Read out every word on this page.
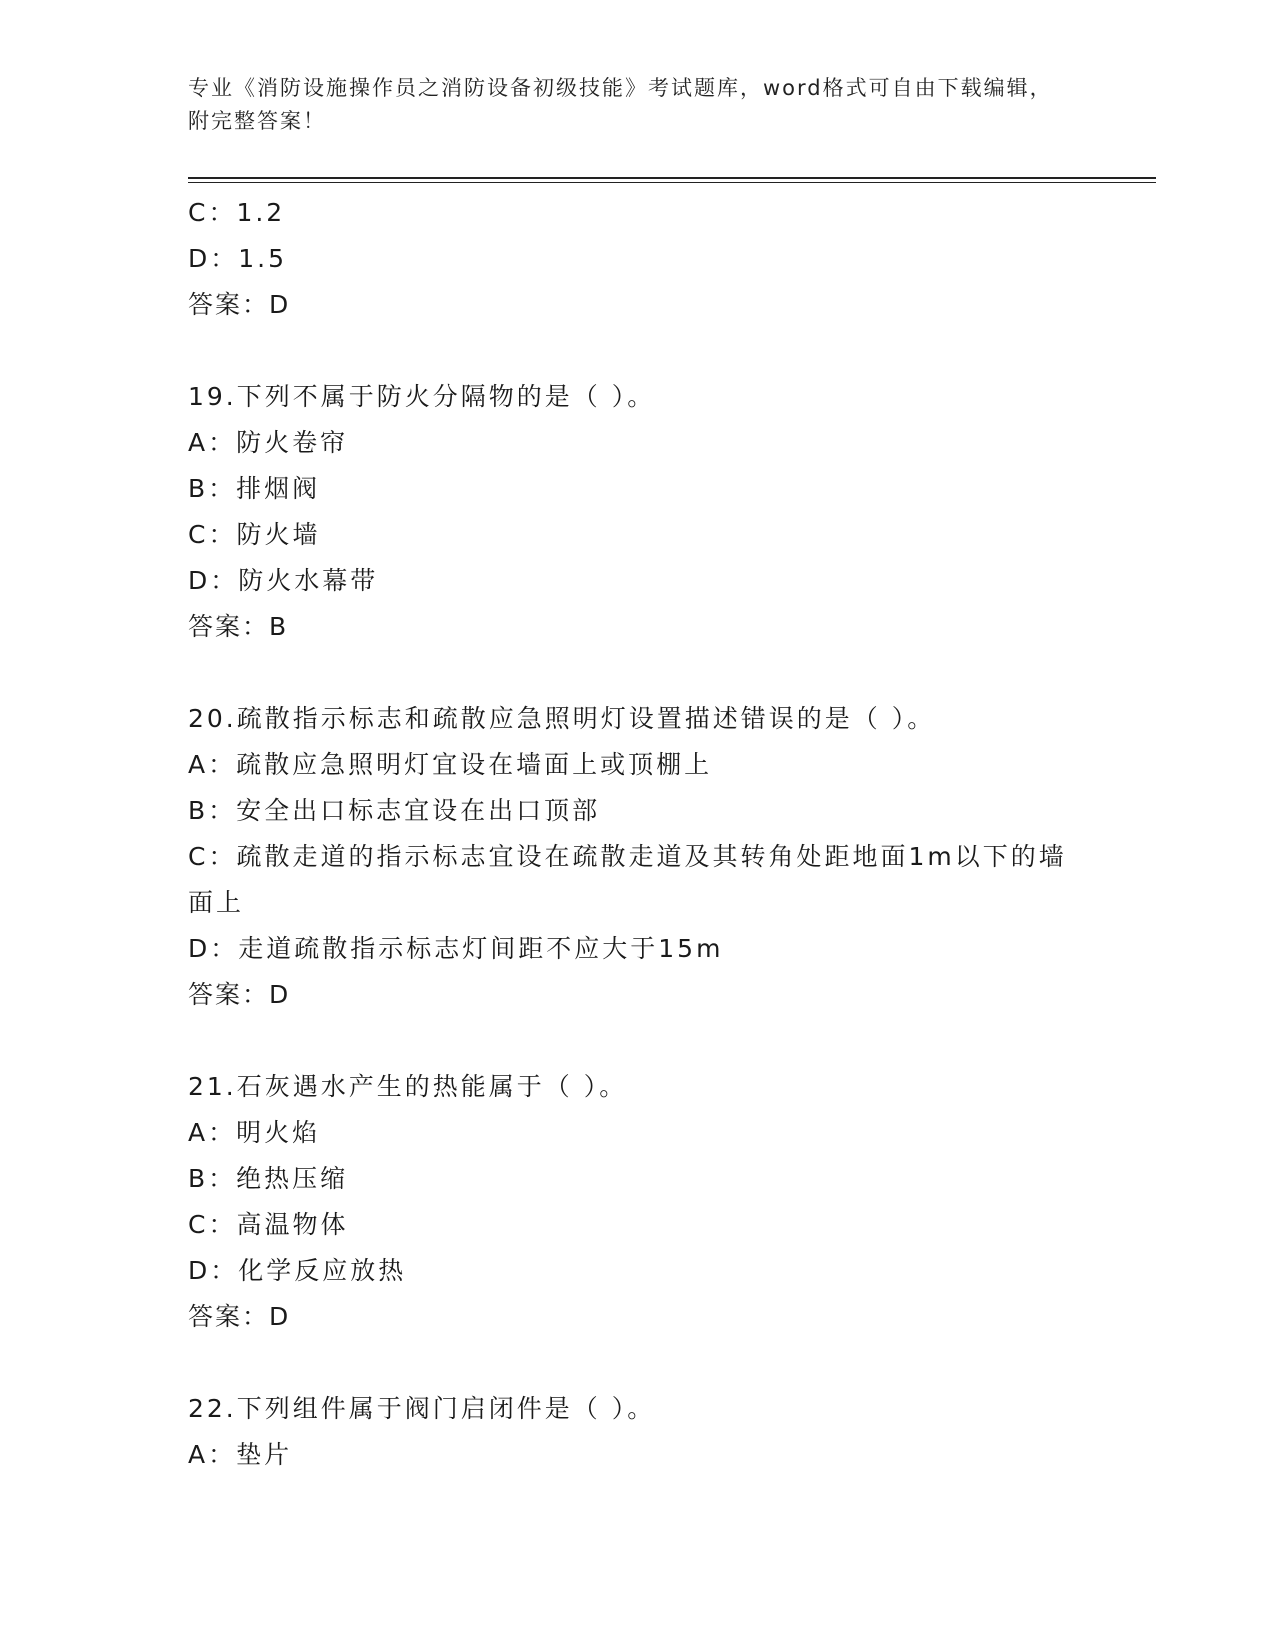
专业《消防设施操作员之消防设备初级技能》考试题库，word格式可自由下载编辑，附完整答案！
C：1.2
D：1.5
答案：D
19.下列不属于防火分隔物的是（ ）。
A：防火卷帘
B：排烟阀
C：防火墙
D：防火水幕带
答案：B
20.疏散指示标志和疏散应急照明灯设置描述错误的是（ ）。
A：疏散应急照明灯宜设在墙面上或顶棚上
B：安全出口标志宜设在出口顶部
C：疏散走道的指示标志宜设在疏散走道及其转角处距地面1m以下的墙面上
D：走道疏散指示标志灯间距不应大于15m
答案：D
21.石灰遇水产生的热能属于（ ）。
A：明火焰
B：绝热压缩
C：高温物体
D：化学反应放热
答案：D
22.下列组件属于阀门启闭件是（ ）。
A：垫片
